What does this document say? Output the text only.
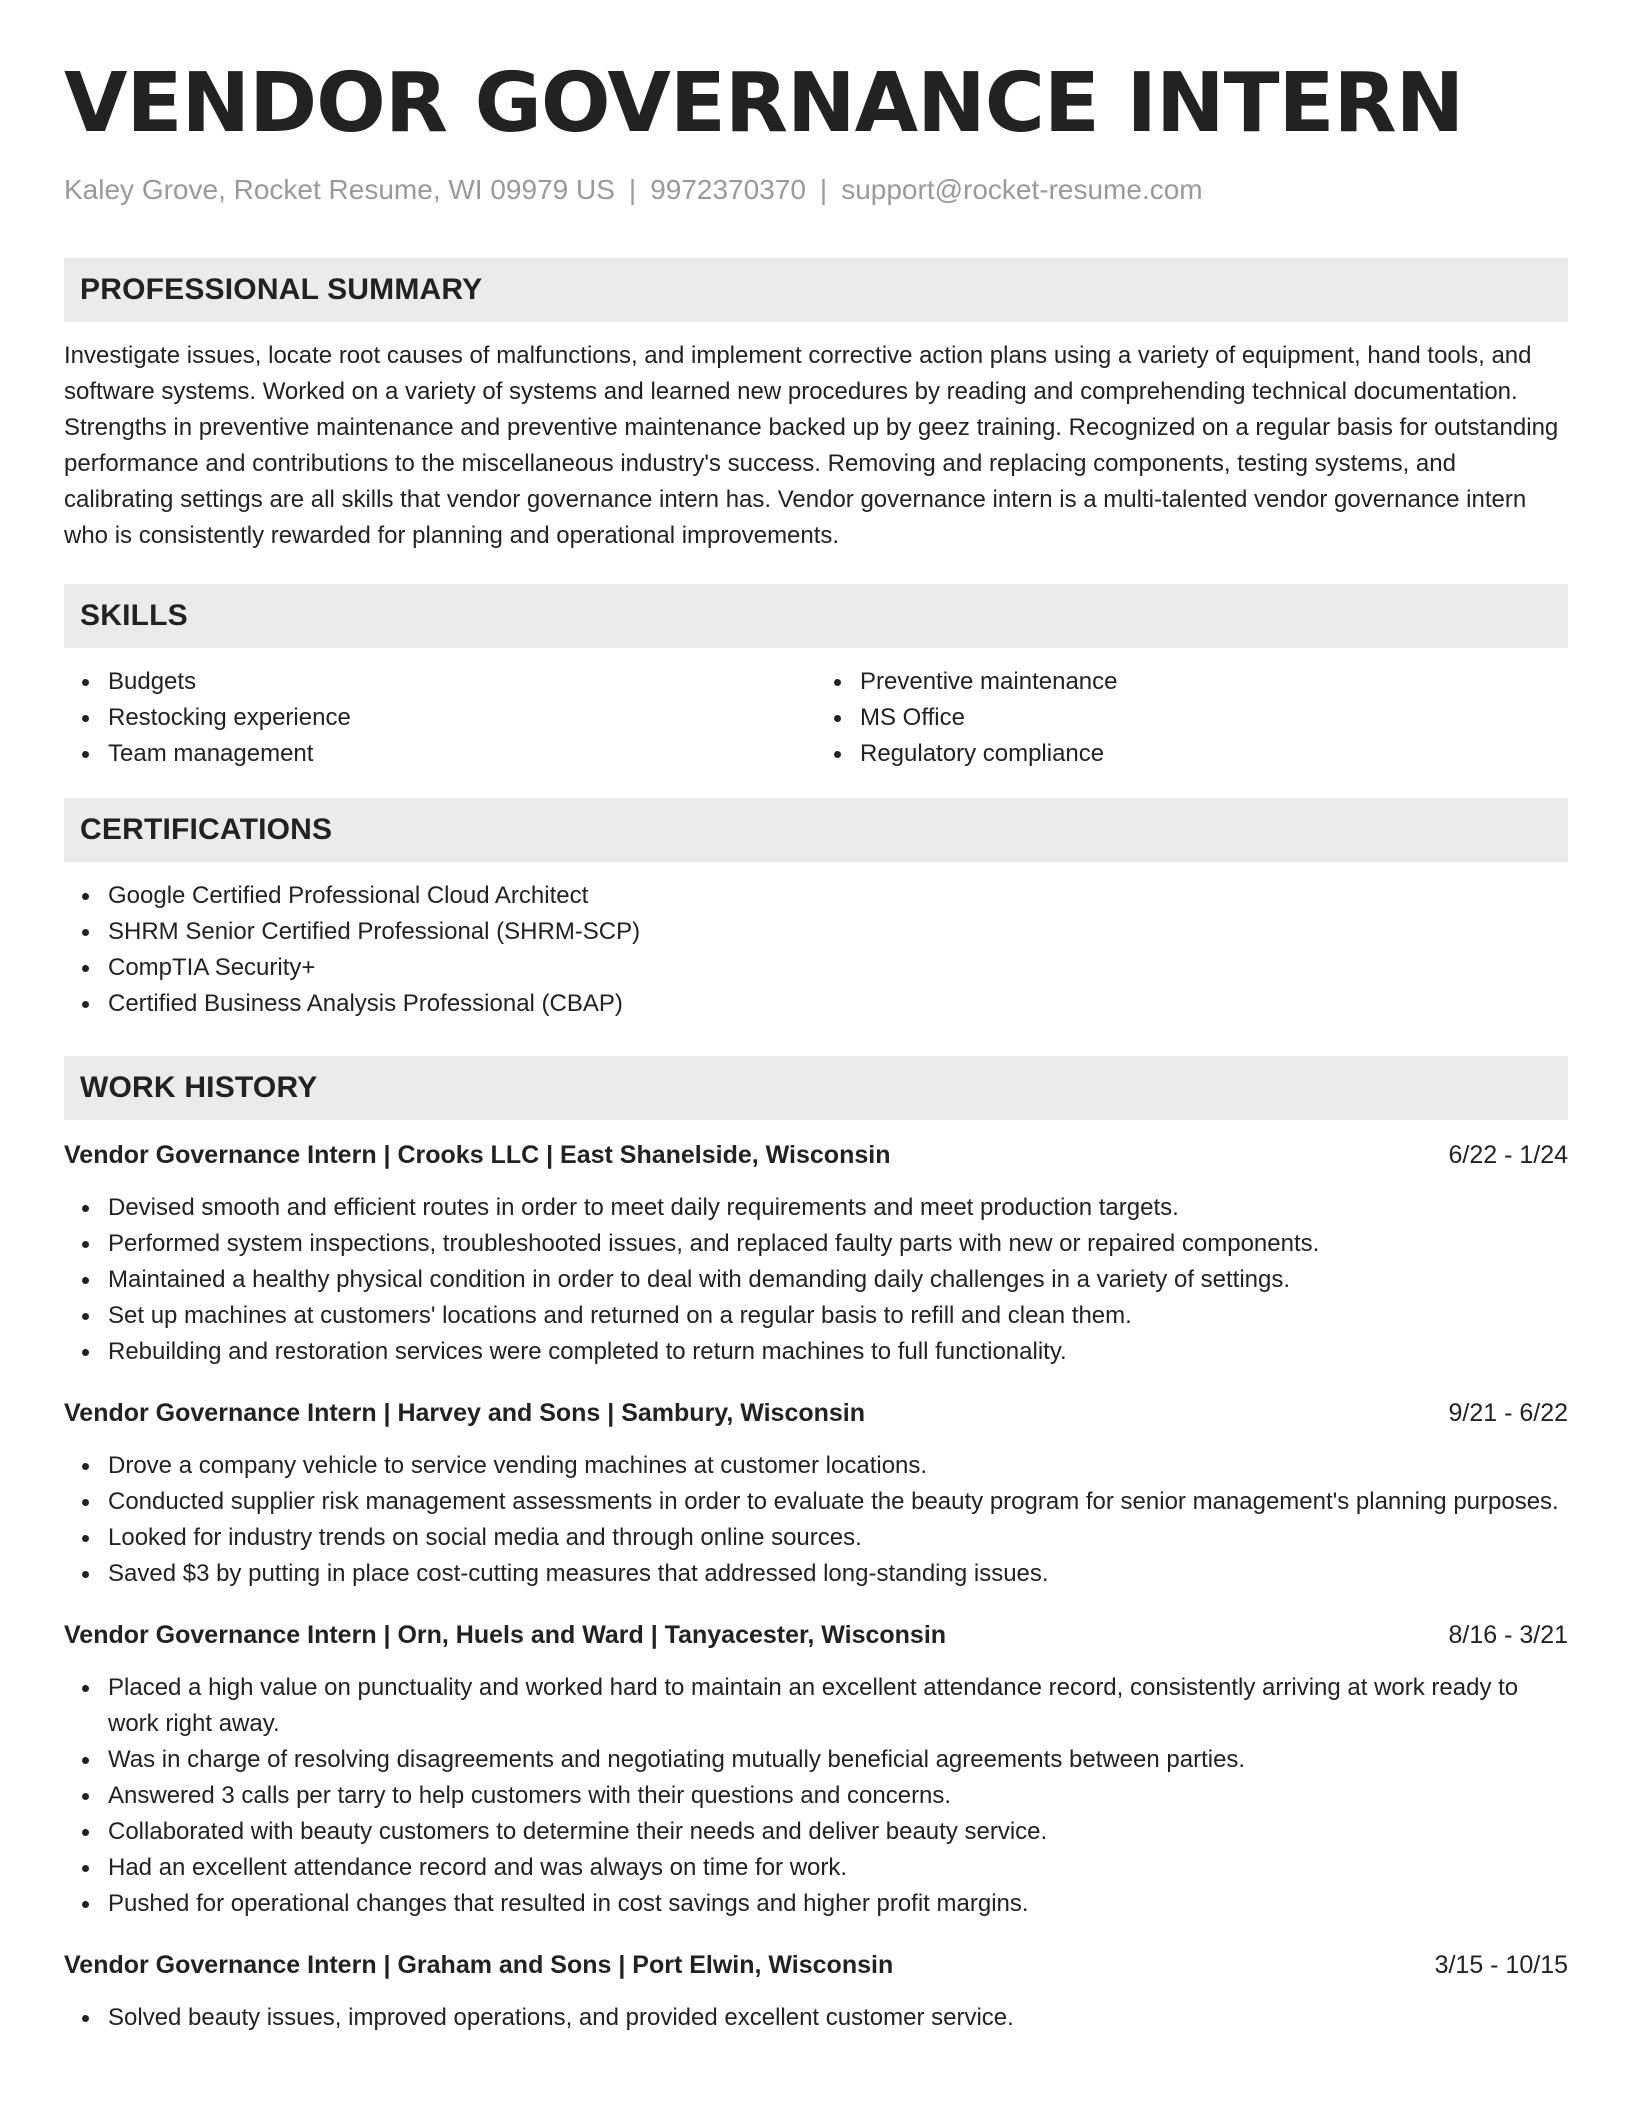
VENDOR GOVERNANCE INTERN
Kaley Grove, Rocket Resume, WI 09979 US | 9972370370 | support@rocket-resume.com
PROFESSIONAL SUMMARY
Investigate issues, locate root causes of malfunctions, and implement corrective action plans using a variety of equipment, hand tools, and software systems. Worked on a variety of systems and learned new procedures by reading and comprehending technical documentation. Strengths in preventive maintenance and preventive maintenance backed up by geez training. Recognized on a regular basis for outstanding performance and contributions to the miscellaneous industry's success. Removing and replacing components, testing systems, and calibrating settings are all skills that vendor governance intern has. Vendor governance intern is a multi-talented vendor governance intern who is consistently rewarded for planning and operational improvements.
SKILLS
Budgets
Restocking experience
Team management
Preventive maintenance
MS Office
Regulatory compliance
CERTIFICATIONS
Google Certified Professional Cloud Architect
SHRM Senior Certified Professional (SHRM-SCP)
CompTIA Security+
Certified Business Analysis Professional (CBAP)
WORK HISTORY
Vendor Governance Intern | Crooks LLC | East Shanelside, Wisconsin	6/22 - 1/24
Devised smooth and efficient routes in order to meet daily requirements and meet production targets.
Performed system inspections, troubleshooted issues, and replaced faulty parts with new or repaired components.
Maintained a healthy physical condition in order to deal with demanding daily challenges in a variety of settings.
Set up machines at customers' locations and returned on a regular basis to refill and clean them.
Rebuilding and restoration services were completed to return machines to full functionality.
Vendor Governance Intern | Harvey and Sons | Sambury, Wisconsin	9/21 - 6/22
Drove a company vehicle to service vending machines at customer locations.
Conducted supplier risk management assessments in order to evaluate the beauty program for senior management's planning purposes.
Looked for industry trends on social media and through online sources.
Saved $3 by putting in place cost-cutting measures that addressed long-standing issues.
Vendor Governance Intern | Orn, Huels and Ward | Tanyacester, Wisconsin	8/16 - 3/21
Placed a high value on punctuality and worked hard to maintain an excellent attendance record, consistently arriving at work ready to work right away.
Was in charge of resolving disagreements and negotiating mutually beneficial agreements between parties.
Answered 3 calls per tarry to help customers with their questions and concerns.
Collaborated with beauty customers to determine their needs and deliver beauty service.
Had an excellent attendance record and was always on time for work.
Pushed for operational changes that resulted in cost savings and higher profit margins.
Vendor Governance Intern | Graham and Sons | Port Elwin, Wisconsin	3/15 - 10/15
Solved beauty issues, improved operations, and provided excellent customer service.
